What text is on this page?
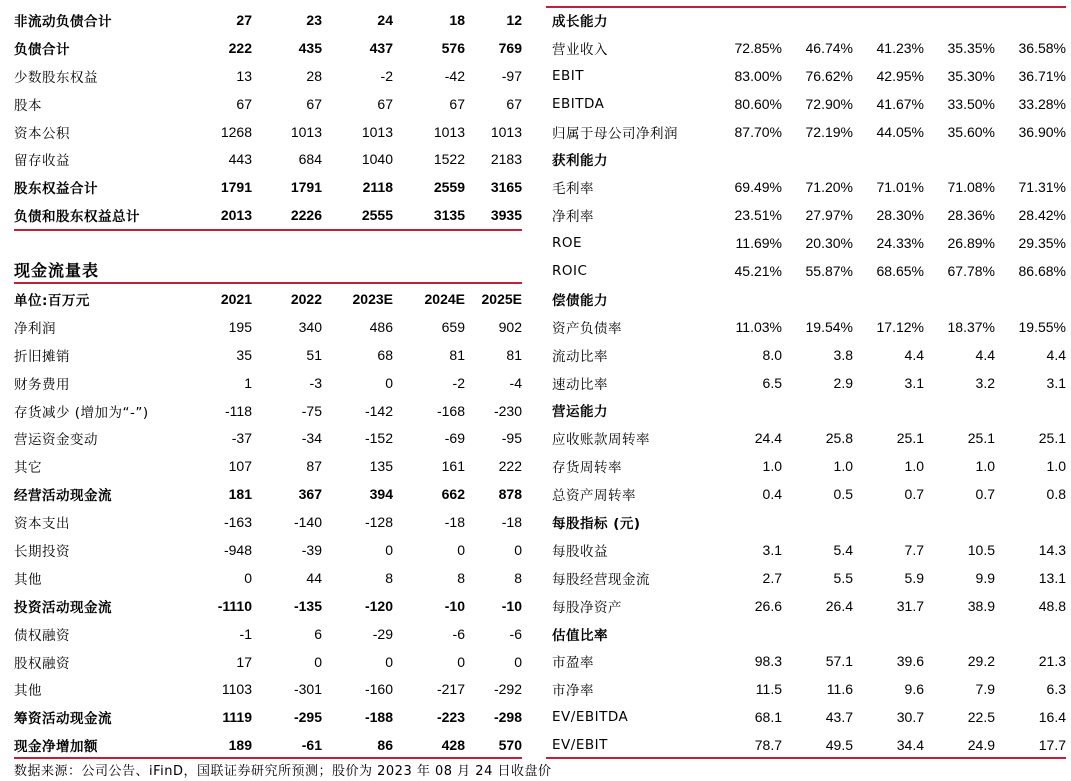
非流动负债合计	27	23	24	18	12
负债合计	222	435	437	576	769
少数股东权益	13	28	-2	-42	-97
股本	67	67	67	67	67
资本公积	1268	1013	1013	1013	1013
留存收益	443	684	1040	1522	2183
股东权益合计	1791	1791	2118	2559	3165
负债和股东权益总计	2013	2226	2555	3135	3935
现金流量表
单位:百万元	2021	2022	2023E	2024E	2025E
净利润	195	340	486	659	902
折旧摊销	35	51	68	81	81
财务费用	1	-3	0	-2	-4
存货减少 (增加为“-”)	-118	-75	-142	-168	-230
营运资金变动	-37	-34	-152	-69	-95
其它	107	87	135	161	222
经营活动现金流	181	367	394	662	878
资本支出	-163	-140	-128	-18	-18
长期投资	-948	-39	0	0	0
其他	0	44	8	8	8
投资活动现金流	-1110	-135	-120	-10	-10
债权融资	-1	6	-29	-6	-6
股权融资	17	0	0	0	0
其他	1103	-301	-160	-217	-292
筹资活动现金流	1119	-295	-188	-223	-298
现金净增加额	189	-61	86	428	570
成长能力					
营业收入	72.85%	46.74%	41.23%	35.35%	36.58%
EBIT	83.00%	76.62%	42.95%	35.30%	36.71%
EBITDA	80.60%	72.90%	41.67%	33.50%	33.28%
归属于母公司净利润	87.70%	72.19%	44.05%	35.60%	36.90%
获利能力					
毛利率	69.49%	71.20%	71.01%	71.08%	71.31%
净利率	23.51%	27.97%	28.30%	28.36%	28.42%
ROE	11.69%	20.30%	24.33%	26.89%	29.35%
ROIC	45.21%	55.87%	68.65%	67.78%	86.68%
偿债能力					
资产负债率	11.03%	19.54%	17.12%	18.37%	19.55%
流动比率	8.0	3.8	4.4	4.4	4.4
速动比率	6.5	2.9	3.1	3.2	3.1
营运能力					
应收账款周转率	24.4	25.8	25.1	25.1	25.1
存货周转率	1.0	1.0	1.0	1.0	1.0
总资产周转率	0.4	0.5	0.7	0.7	0.8
每股指标 (元)					
每股收益	3.1	5.4	7.7	10.5	14.3
每股经营现金流	2.7	5.5	5.9	9.9	13.1
每股净资产	26.6	26.4	31.7	38.9	48.8
估值比率					
市盈率	98.3	57.1	39.6	29.2	21.3
市净率	11.5	11.6	9.6	7.9	6.3
EV/EBITDA	68.1	43.7	30.7	22.5	16.4
EV/EBIT	78.7	49.5	34.4	24.9	17.7
数据来源：公司公告、iFinD，国联证券研究所预测；股价为 2023 年 08 月 24 日收盘价
